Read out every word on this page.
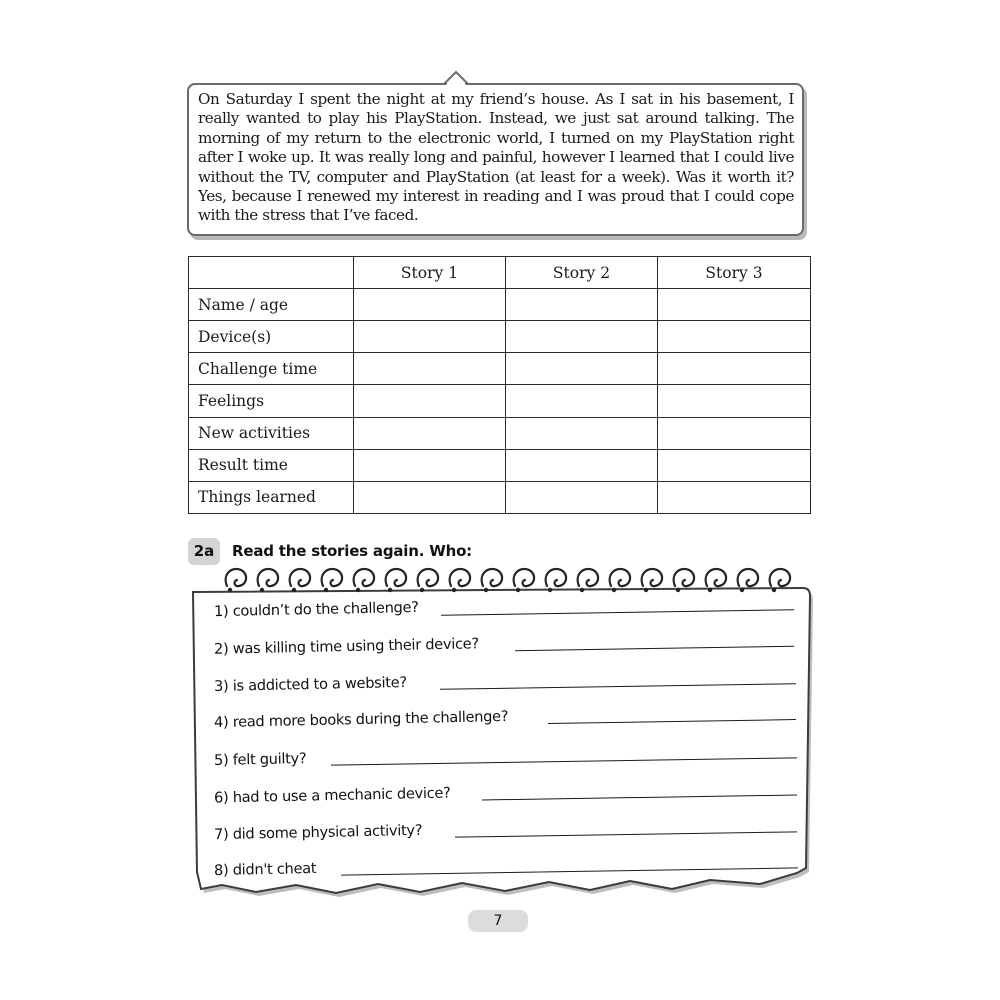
On Saturday I spent the night at my friend’s house. As I sat in his basement, I really wanted to play his PlayStation. Instead, we just sat around talking. The morning of my return to the electronic world, I turned on my PlayStation right after I woke up. It was really long and painful, however I learned that I could live without the TV, computer and PlayStation (at least for a week). Was it worth it? Yes, because I renewed my interest in reading and I was proud that I could cope with the stress that I’ve faced.

	Story 1	Story 2	Story 3
Name / age			
Device(s)			
Challenge time			
Feelings			
New activities			
Result time			
Things learned			
2a	Read the stories again. Who:
1) couldn’t do the challenge?
2) was killing time using their device?
3) is addicted to a website?
4) read more books during the challenge?
5) felt guilty?
6) had to use a mechanic device?
7) did some physical activity?
8) didn't cheat
7
